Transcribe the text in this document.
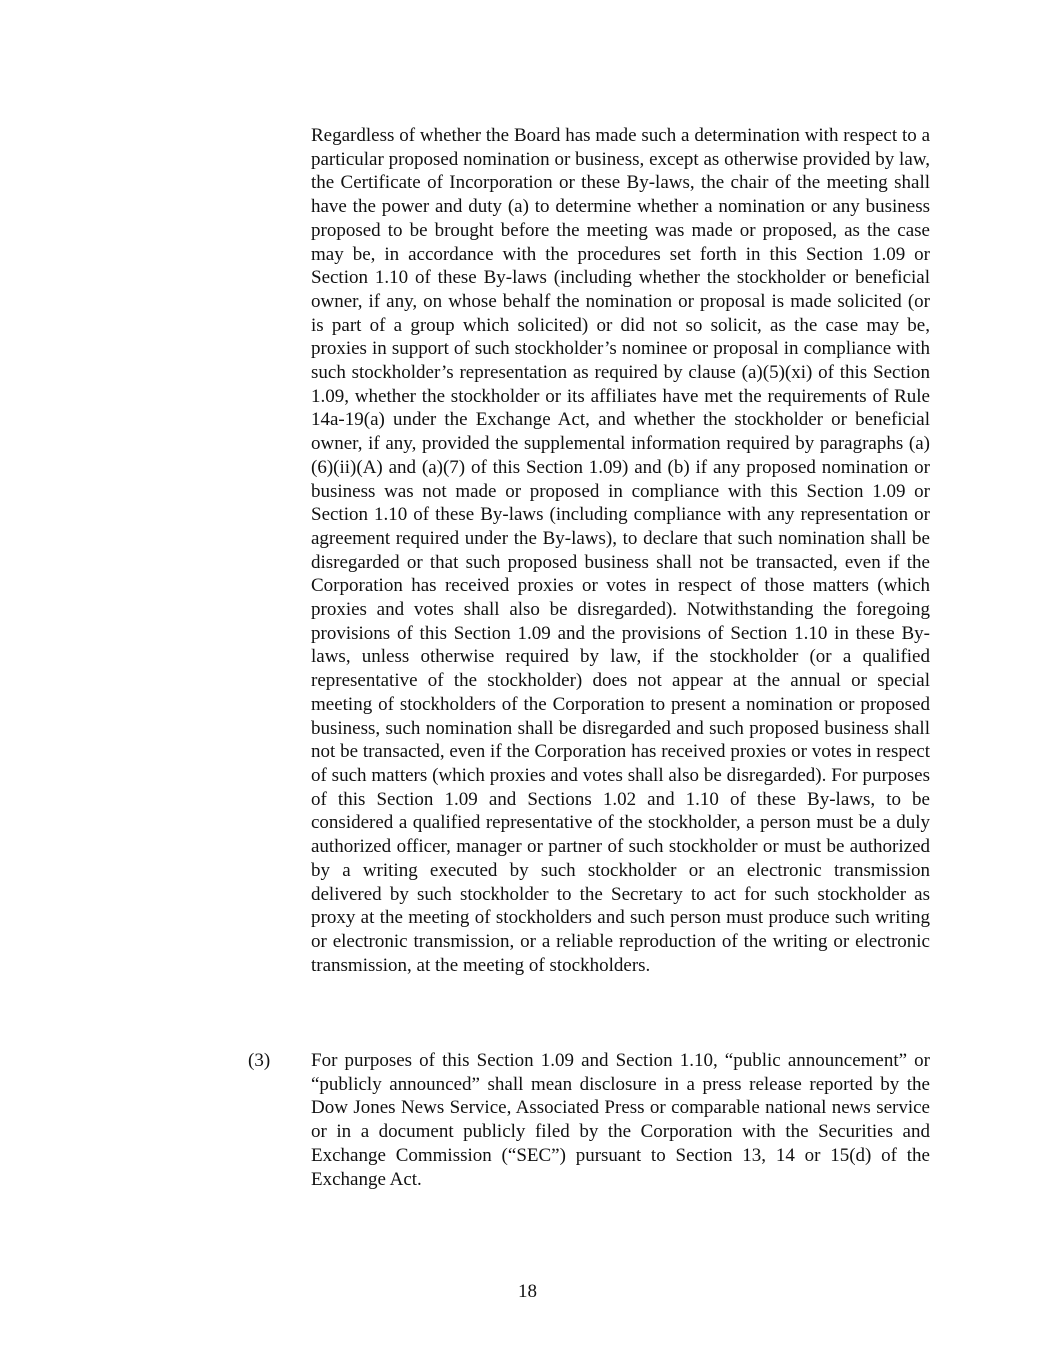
Regardless of whether the Board has made such a determination with respect to a particular proposed nomination or business, except as otherwise provided by law, the Certificate of Incorporation or these By-laws, the chair of the meeting shall have the power and duty (a) to determine whether a nomination or any business proposed to be brought before the meeting was made or proposed, as the case may be, in accordance with the procedures set forth in this Section 1.09 or Section 1.10 of these By-laws (including whether the stockholder or beneficial owner, if any, on whose behalf the nomination or proposal is made solicited (or is part of a group which solicited) or did not so solicit, as the case may be, proxies in support of such stockholder’s nominee or proposal in compliance with such stockholder’s representation as required by clause (a)(5)(xi) of this Section 1.09, whether the stockholder or its affiliates have met the requirements of Rule 14a-19(a) under the Exchange Act, and whether the stockholder or beneficial owner, if any, provided the supplemental information required by paragraphs (a)(6)(ii)(A) and (a)(7) of this Section 1.09) and (b) if any proposed nomination or business was not made or proposed in compliance with this Section 1.09 or Section 1.10 of these By-laws (including compliance with any representation or agreement required under the By-laws), to declare that such nomination shall be disregarded or that such proposed business shall not be transacted, even if the Corporation has received proxies or votes in respect of those matters (which proxies and votes shall also be disregarded). Notwithstanding the foregoing provisions of this Section 1.09 and the provisions of Section 1.10 in these By-laws, unless otherwise required by law, if the stockholder (or a qualified representative of the stockholder) does not appear at the annual or special meeting of stockholders of the Corporation to present a nomination or proposed business, such nomination shall be disregarded and such proposed business shall not be transacted, even if the Corporation has received proxies or votes in respect of such matters (which proxies and votes shall also be disregarded). For purposes of this Section 1.09 and Sections 1.02 and 1.10 of these By-laws, to be considered a qualified representative of the stockholder, a person must be a duly authorized officer, manager or partner of such stockholder or must be authorized by a writing executed by such stockholder or an electronic transmission delivered by such stockholder to the Secretary to act for such stockholder as proxy at the meeting of stockholders and such person must produce such writing or electronic transmission, or a reliable reproduction of the writing or electronic transmission, at the meeting of stockholders.

(3) For purposes of this Section 1.09 and Section 1.10, “public announcement” or “publicly announced” shall mean disclosure in a press release reported by the Dow Jones News Service, Associated Press or comparable national news service or in a document publicly filed by the Corporation with the Securities and Exchange Commission (“SEC”) pursuant to Section 13, 14 or 15(d) of the Exchange Act.

18
